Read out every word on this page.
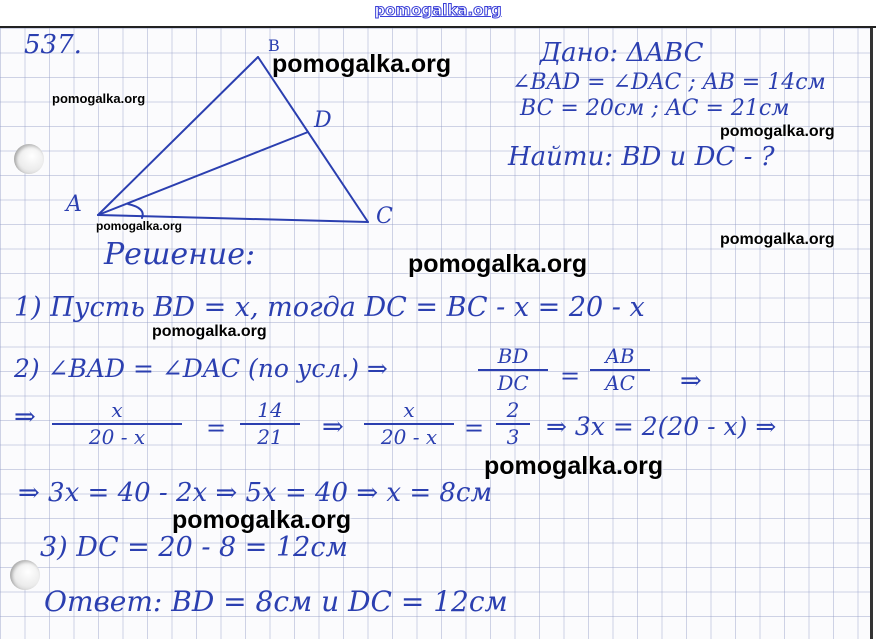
pomogalka.org
537.	Дано: ΔABC
∠BAD = ∠DAC ; AB = 14см
BC = 20см ; AC = 21см
Найти: BD и DC - ?
A
B
C
D
Решение:
1) Пусть BD = x, тогда DC = BC - x = 20 - x
2) ∠BAD = ∠DAC (по усл.) ⇒	BD
DC	=
AB
AC	⇒
⇒	x
20 - x	=
14
21	⇒
x
20 - x	=
2
3	⇒ 3x = 2(20 - x) ⇒
⇒ 3x = 40 - 2x ⇒ 5x = 40 ⇒ x = 8см
3) DC = 20 - 8 = 12см
Ответ: BD = 8см и DC = 12см
pomogalka.org
pomogalka.org
pomogalka.org
pomogalka.org
pomogalka.org
pomogalka.org
pomogalka.org
pomogalka.org
pomogalka.org
